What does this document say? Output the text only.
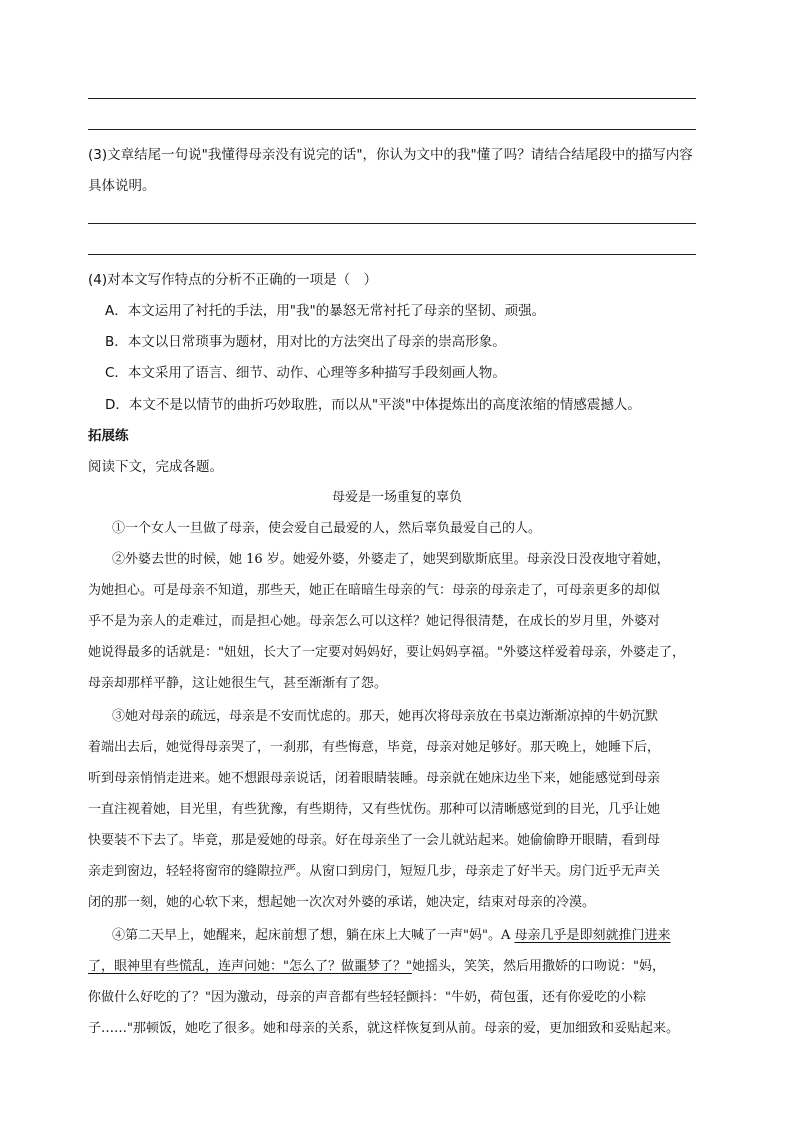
(3)文章结尾一句说"我懂得母亲没有说完的话"，你认为文中的我"懂了吗？请结合结尾段中的描写内容
具体说明。
(4)对本文写作特点的分析不正确的一项是（　）
A．本文运用了衬托的手法，用"我"的暴怒无常衬托了母亲的坚韧、顽强。
B．本文以日常琐事为题材，用对比的方法突出了母亲的崇高形象。
C．本文采用了语言、细节、动作、心理等多种描写手段刻画人物。
D．本文不是以情节的曲折巧妙取胜，而以从"平淡"中体提炼出的高度浓缩的情感震撼人。
拓展练
阅读下文，完成各题。
母爱是一场重复的辜负
①一个女人一旦做了母亲，使会爱自己最爱的人，然后辜负最爱自己的人。
②外婆去世的时候，她 16 岁。她爱外婆，外婆走了，她哭到歇斯底里。母亲没日没夜地守着她，
为她担心。可是母亲不知道，那些天，她正在暗暗生母亲的气：母亲的母亲走了，可母亲更多的却似
乎不是为亲人的走难过，而是担心她。母亲怎么可以这样？她记得很清楚，在成长的岁月里，外婆对
她说得最多的话就是："妞妞，长大了一定要对妈妈好，要让妈妈享福。"外婆这样爱着母亲，外婆走了，
母亲却那样平静，这让她很生气，甚至渐渐有了怨。
③她对母亲的疏远，母亲是不安而忧虑的。那天，她再次将母亲放在书桌边渐渐凉掉的牛奶沉默
着端出去后，她觉得母亲哭了，一刹那，有些悔意，毕竟，母亲对她足够好。那天晚上，她睡下后，
听到母亲悄悄走进来。她不想跟母亲说话，闭着眼睛装睡。母亲就在她床边坐下来，她能感觉到母亲
一直注视着她，目光里，有些犹豫，有些期待，又有些忧伤。那种可以清晰感觉到的目光，几乎让她
快要装不下去了。毕竟，那是爱她的母亲。好在母亲坐了一会儿就站起来。她偷偷睁开眼睛，看到母
亲走到窗边，轻轻将窗帘的缝隙拉严。从窗口到房门，短短几步，母亲走了好半天。房门近乎无声关
闭的那一刻，她的心软下来，想起她一次次对外婆的承诺，她决定，结束对母亲的冷漠。
④第二天早上，她醒来，起床前想了想，躺在床上大喊了一声"妈"。A 母亲几乎是即刻就推门进来
了，眼神里有些慌乱，连声问她："怎么了？做噩梦了？"她摇头，笑笑，然后用撒娇的口吻说："妈，
你做什么好吃的了？"因为激动，母亲的声音都有些轻轻颤抖："牛奶，荷包蛋，还有你爱吃的小粽
子……"那顿饭，她吃了很多。她和母亲的关系，就这样恢复到从前。母亲的爱，更加细致和妥贴起来。
